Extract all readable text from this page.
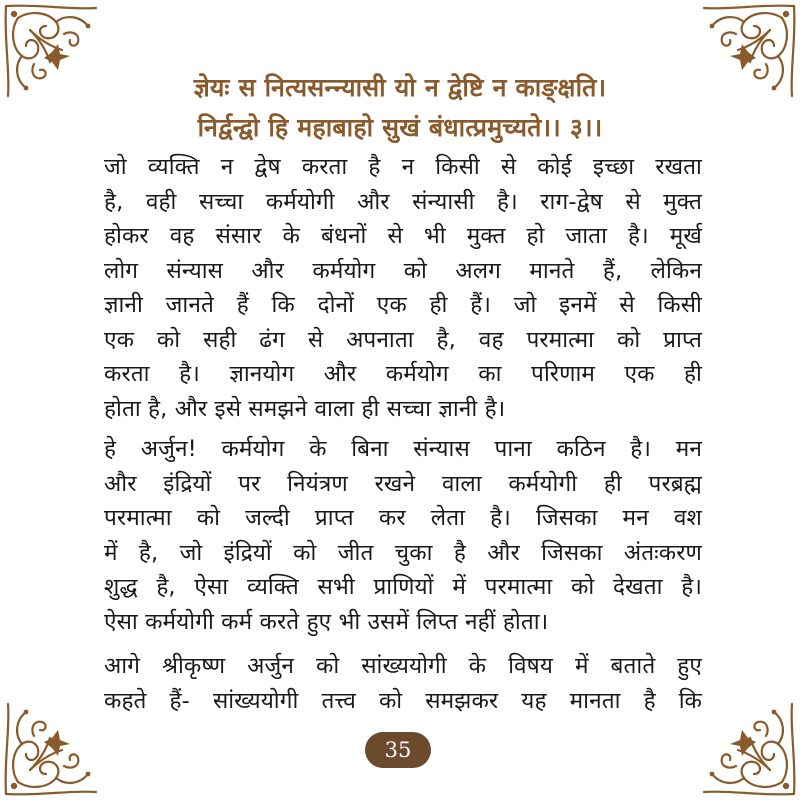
ज्ञेयः स नित्यसन्न्यासी यो न द्वेष्टि न काङ्क्षति।
निर्द्वन्द्वो हि महाबाहो सुखं बंधात्प्रमुच्यते।। ३।।
जो व्यक्ति न द्वेष करता है न किसी से कोई इच्छा रखता
है, वही सच्चा कर्मयोगी और संन्यासी है। राग-द्वेष से मुक्त
होकर वह संसार के बंधनों से भी मुक्त हो जाता है। मूर्ख
लोग संन्यास और कर्मयोग को अलग मानते हैं, लेकिन
ज्ञानी जानते हैं कि दोनों एक ही हैं। जो इनमें से किसी
एक को सही ढंग से अपनाता है, वह परमात्मा को प्राप्त
करता है। ज्ञानयोग और कर्मयोग का परिणाम एक ही
होता है, और इसे समझने वाला ही सच्चा ज्ञानी है।
हे अर्जुन! कर्मयोग के बिना संन्यास पाना कठिन है। मन
और इंद्रियों पर नियंत्रण रखने वाला कर्मयोगी ही परब्रह्म
परमात्मा को जल्दी प्राप्त कर लेता है। जिसका मन वश
में है, जो इंद्रियों को जीत चुका है और जिसका अंतःकरण
शुद्ध है, ऐसा व्यक्ति सभी प्राणियों में परमात्मा को देखता है।
ऐसा कर्मयोगी कर्म करते हुए भी उसमें लिप्त नहीं होता।
आगे श्रीकृष्ण अर्जुन को सांख्ययोगी के विषय में बताते हुए
कहते हैं- सांख्ययोगी तत्त्व को समझकर यह मानता है कि
35
